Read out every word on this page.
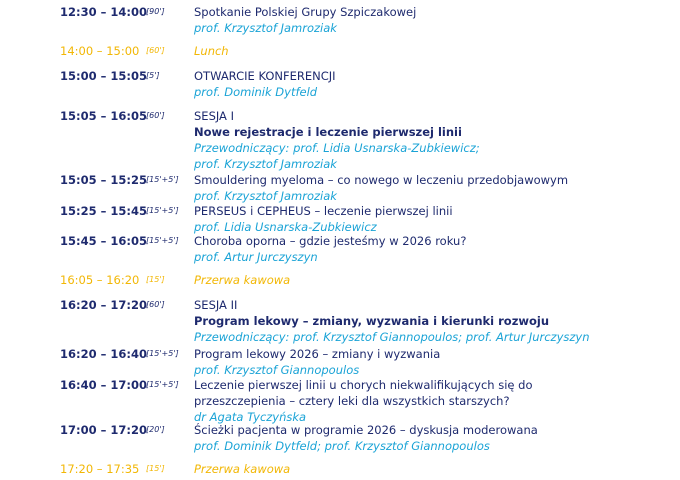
12:30 – 14:00 [90']	Spotkanie Polskiej Grupy Szpiczakowej
prof. Krzysztof Jamroziak
14:00 – 15:00 [60']	Lunch
15:00 – 15:05 [5']	OTWARCIE KONFERENCJI
prof. Dominik Dytfeld
15:05 – 16:05 [60']	SESJA I
Nowe rejestracje i leczenie pierwszej linii
Przewodniczący: prof. Lidia Usnarska-Zubkiewicz;
prof. Krzysztof Jamroziak
15:05 – 15:25 [15'+5'] Smouldering myeloma – co nowego w leczeniu przedobjawowym
prof. Krzysztof Jamroziak
15:25 – 15:45 [15'+5'] PERSEUS i CEPHEUS – leczenie pierwszej linii
prof. Lidia Usnarska-Zubkiewicz
15:45 – 16:05 [15'+5'] Choroba oporna – gdzie jesteśmy w 2026 roku?
prof. Artur Jurczyszyn
16:05 – 16:20 [15']	Przerwa kawowa
16:20 – 17:20 [60']	SESJA II
Program lekowy – zmiany, wyzwania i kierunki rozwoju
Przewodniczący: prof. Krzysztof Giannopoulos; prof. Artur Jurczyszyn
16:20 – 16:40 [15'+5'] Program lekowy 2026 – zmiany i wyzwania
prof. Krzysztof Giannopoulos
16:40 – 17:00 [15'+5'] Leczenie pierwszej linii u chorych niekwalifikujących się do
przeszczepienia – cztery leki dla wszystkich starszych?
dr Agata Tyczyńska
17:00 – 17:20 [20']	Ścieżki pacjenta w programie 2026 – dyskusja moderowana
prof. Dominik Dytfeld; prof. Krzysztof Giannopoulos
17:20 – 17:35 [15']	Przerwa kawowa
